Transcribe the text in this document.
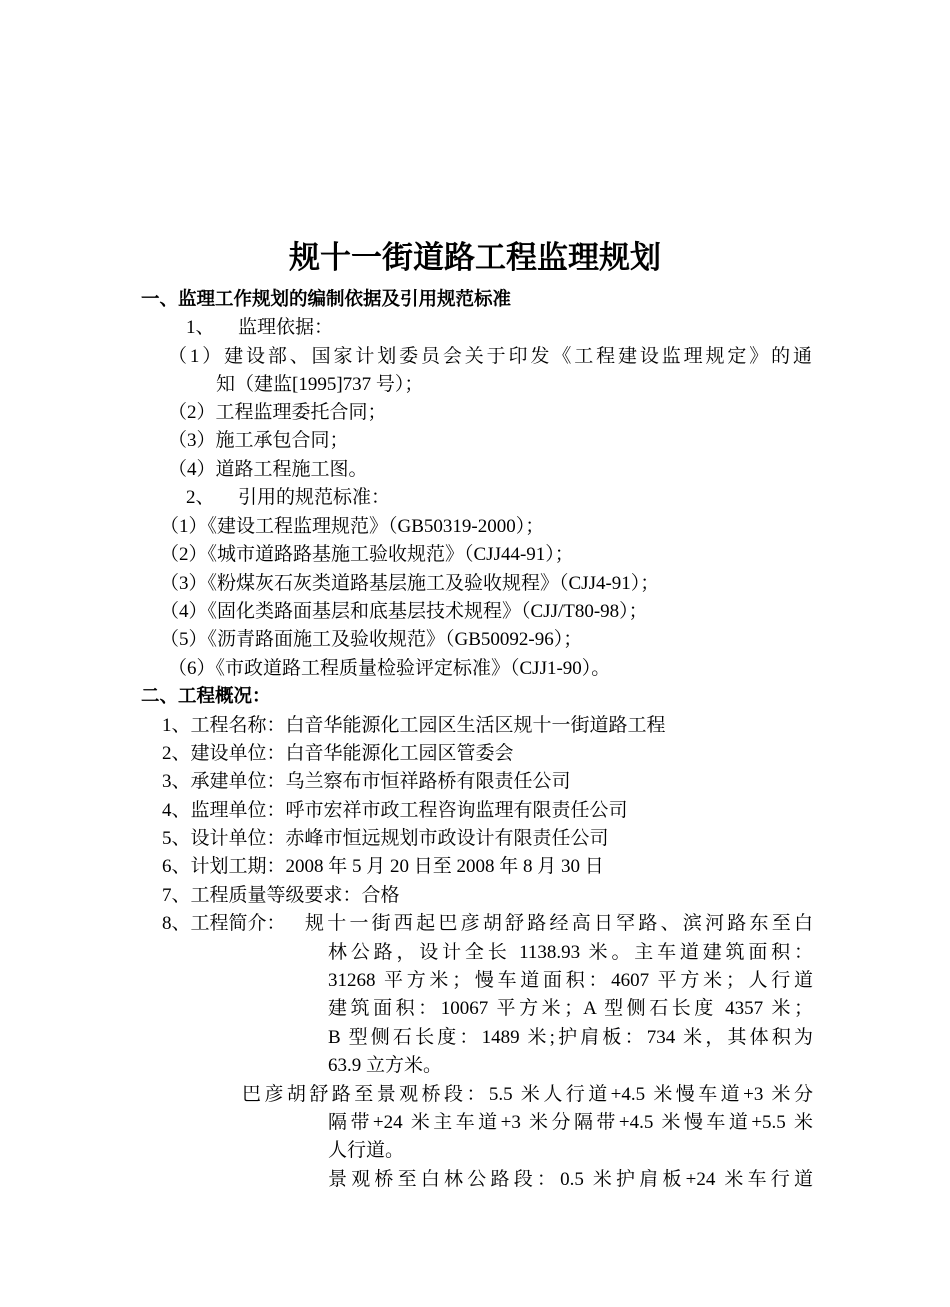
规十一街道路工程监理规划
一、监理工作规划的编制依据及引用规范标准
1、 监理依据：
（1）建设部、国家计划委员会关于印发《工程建设监理规定》的通
知（建监[1995]737 号）；
（2）工程监理委托合同；
（3）施工承包合同；
（4）道路工程施工图。
2、 引用的规范标准：
（1）《建设工程监理规范》（GB50319-2000）；
（2）《城市道路路基施工验收规范》（CJJ44-91）；
（3）《粉煤灰石灰类道路基层施工及验收规程》（CJJ4-91）；
（4）《固化类路面基层和底基层技术规程》（CJJ/T80-98）；
（5）《沥青路面施工及验收规范》（GB50092-96）；
（6）《市政道路工程质量检验评定标准》（CJJ1-90）。
二、工程概况：
1、工程名称：白音华能源化工园区生活区规十一街道路工程
2、建设单位：白音华能源化工园区管委会
3、承建单位：乌兰察布市恒祥路桥有限责任公司
4、监理单位：呼市宏祥市政工程咨询监理有限责任公司
5、设计单位：赤峰市恒远规划市政设计有限责任公司
6、计划工期：2008 年 5 月 20 日至 2008 年 8 月 30 日
7、工程质量等级要求：合格
8、工程简介： 规十一街西起巴彦胡舒路经高日罕路、滨河路东至白
林公路，设计全长 1138.93 米。主车道建筑面积：
31268 平方米；慢车道面积：4607 平方米；人行道
建筑面积：10067 平方米；A 型侧石长度 4357 米；
B 型侧石长度：1489 米;护肩板：734 米，其体积为
63.9 立方米。
巴彦胡舒路至景观桥段：5.5 米人行道+4.5 米慢车道+3 米分
隔带+24 米主车道+3 米分隔带+4.5 米慢车道+5.5 米
人行道。
景观桥至白林公路段：0.5 米护肩板+24 米车行道
